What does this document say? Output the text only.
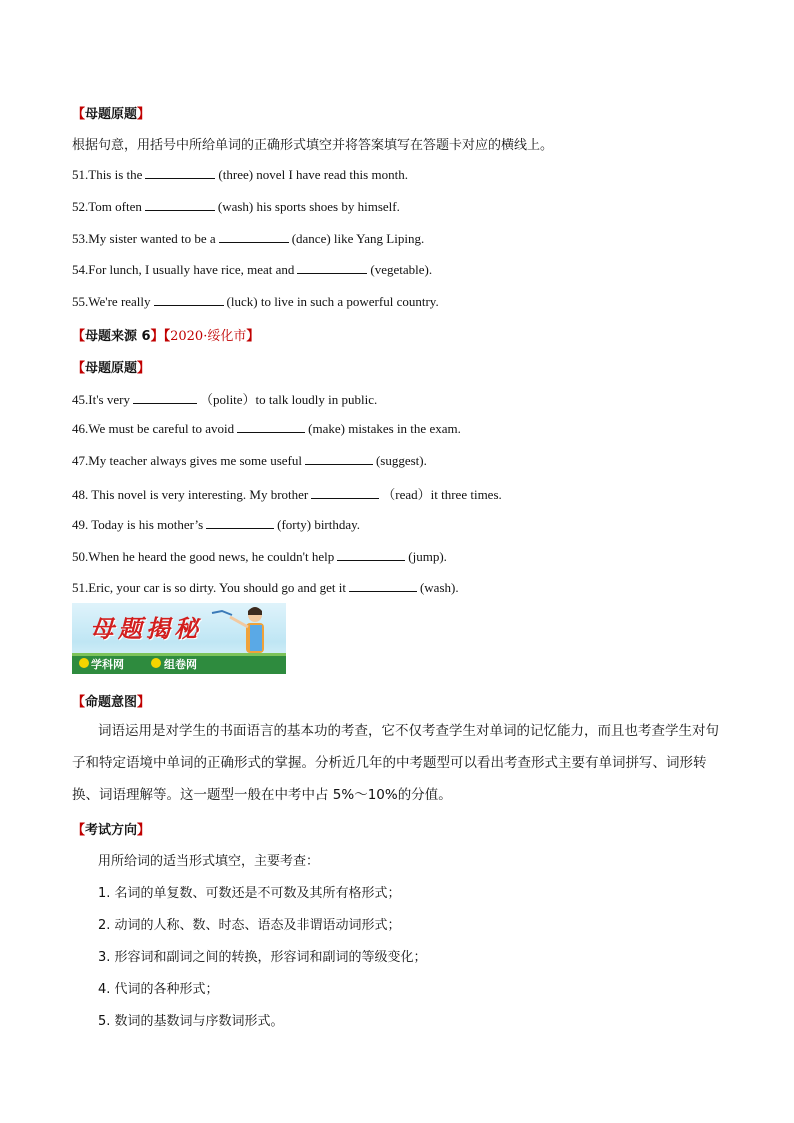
【母题原题】
根据句意，用括号中所给单词的正确形式填空并将答案填写在答题卡对应的横线上。
51.This is the	(three) novel I have read this month.
52.Tom often	(wash) his sports shoes by himself.
53.My sister wanted to be a	(dance) like Yang Liping.
54.For lunch, I usually have rice, meat and	(vegetable).
55.We're really	(luck) to live in such a powerful country.
【母题来源 6】【2020·绥化市】
【母题原题】
45.It's very	（polite）to talk loudly in public.
46.We must be careful to avoid	(make) mistakes in the exam.
47.My teacher always gives me some useful	(suggest).
48. This novel is very interesting. My brother	（read）it three times.
49. Today is his mother’s	(forty) birthday.
50.When he heard the good news, he couldn't help	(jump).
51.Eric, your car is so dirty. You should go and get it	(wash).
母题揭秘
学科网	组卷网
【命题意图】
词语运用是对学生的书面语言的基本功的考查，它不仅考查学生对单词的记忆能力，而且也考查学生对句子和特定语境中单词的正确形式的掌握。分析近几年的中考题型可以看出考查形式主要有单词拼写、词形转换、词语理解等。这一题型一般在中考中占 5%～10%的分值。
【考试方向】
用所给词的适当形式填空，主要考查：
1. 名词的单复数、可数还是不可数及其所有格形式；
2. 动词的人称、数、时态、语态及非谓语动词形式；
3. 形容词和副词之间的转换，形容词和副词的等级变化；
4. 代词的各种形式；
5. 数词的基数词与序数词形式。
